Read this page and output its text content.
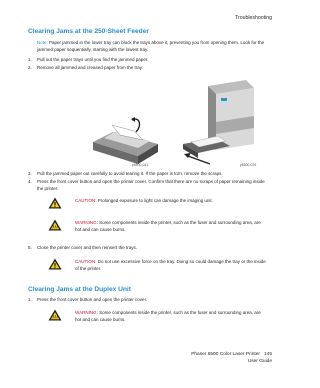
Troubleshooting
Clearing Jams at the 250-Sheet Feeder
Note: Paper jammed in the lower tray can block the trays above it, preventing you from opening them. Look for the jammed paper sequentially, starting with the lowest tray.
1. Pull out the paper trays until you find the jammed paper.
2. Remove all jammed and creased paper from the tray.
p6500-041	p6500-029
3. Pull the jammed paper out carefully to avoid tearing it. If the paper is torn, remove the scraps.
4. Press the front cover button and open the printer cover. Confirm that there are no scraps of paper remaining inside the printer.
CAUTION: Prolonged exposure to light can damage the imaging unit.
WARNING: Some components inside the printer, such as the fuser and surrounding area, are hot and can cause burns.
5. Close the printer cover and then reinsert the trays.
CAUTION: Do not use excessive force on the tray. Doing so could damage the tray or the inside of the printer.
Clearing Jams at the Duplex Unit
1. Press the front cover button and open the printer cover.
WARNING: Some components inside the printer, such as the fuser and surrounding area, are hot and can cause burns.
Phaser 6500 Color Laser Printer 145
User Guide
